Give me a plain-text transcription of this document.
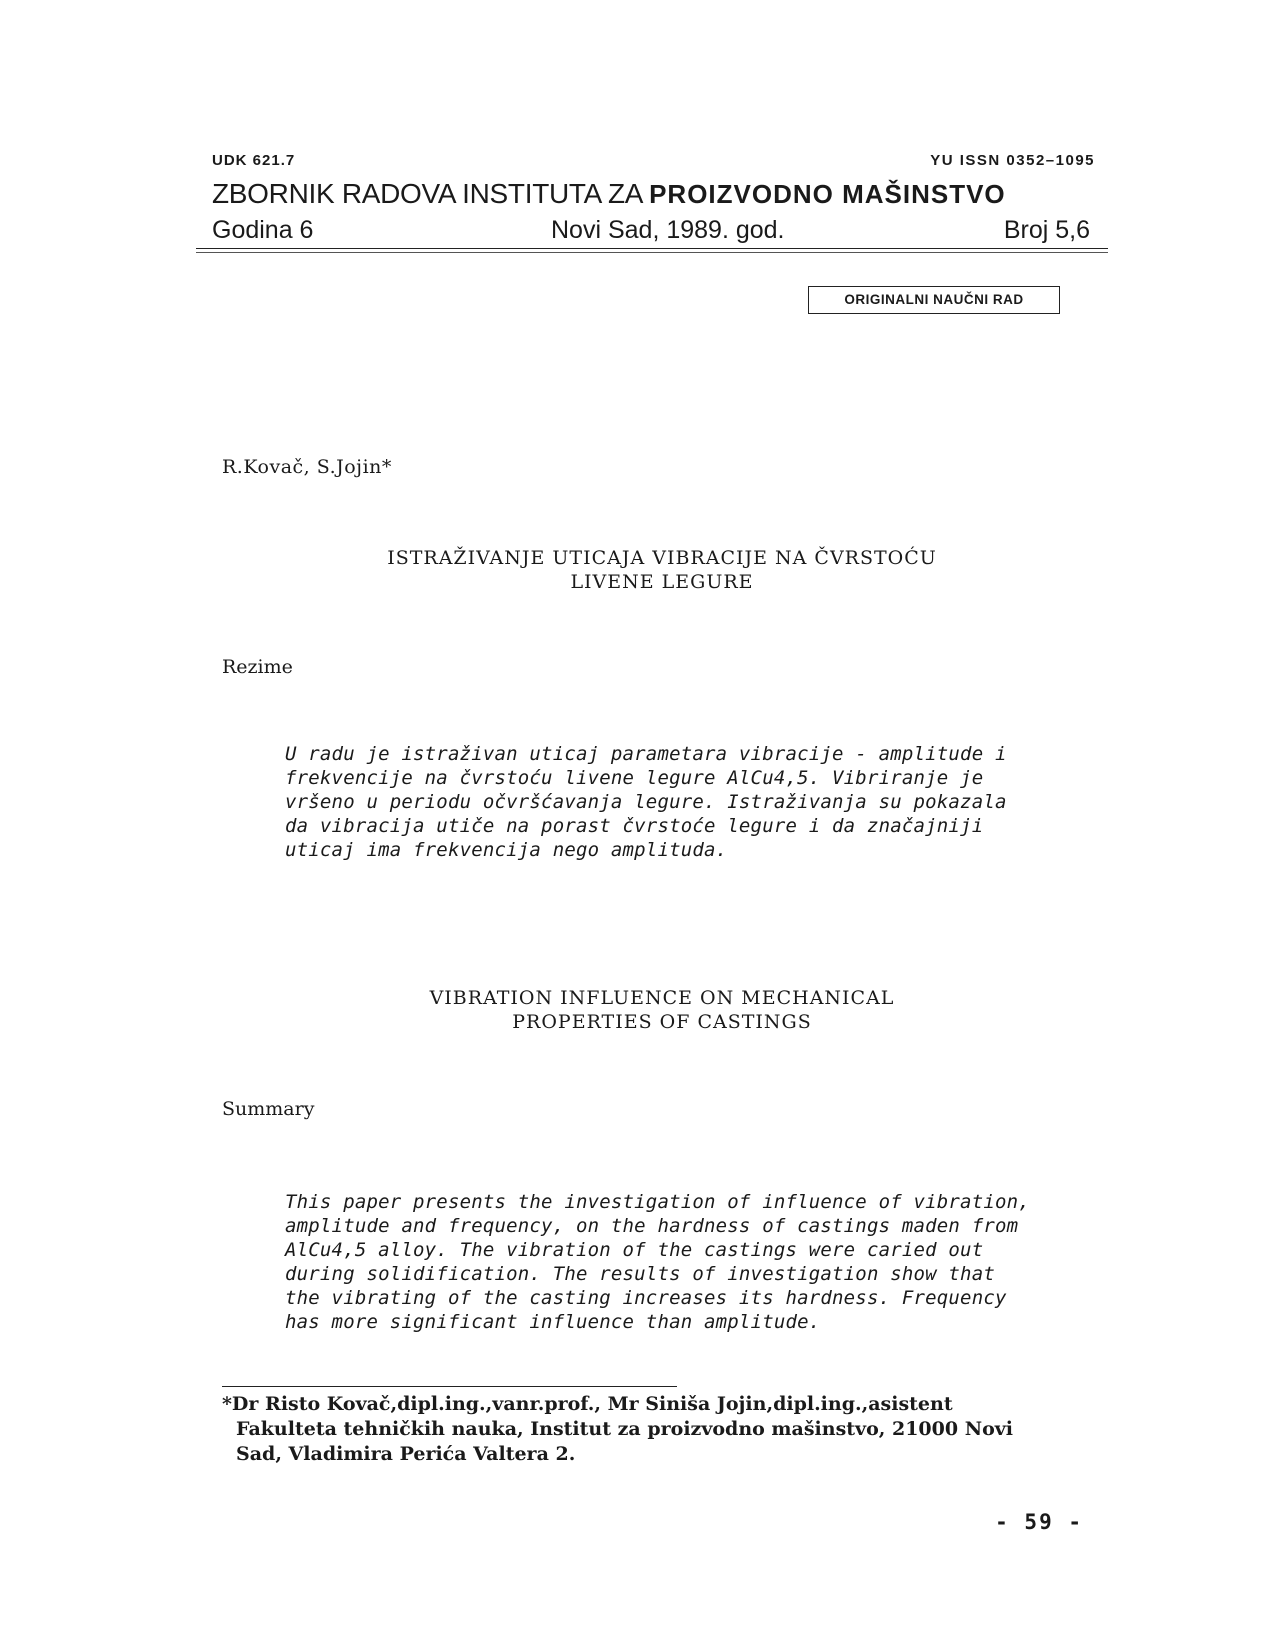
UDK 621.7	YU ISSN 0352–1095
ZBORNIK RADOVA INSTITUTA ZA PROIZVODNO MAŠINSTVO
Godina 6	Novi Sad, 1989. god.	Broj 5,6
ORIGINALNI NAUČNI RAD
R.Kovač, S.Jojin*
ISTRAŽIVANJE UTICAJA VIBRACIJE NA ČVRSTOĆU
LIVENE LEGURE
Rezime
U radu je istraživan uticaj parametara vibracije - amplitude i
frekvencije na čvrstoću livene legure AlCu4,5. Vibriranje je
vršeno u periodu očvršćavanja legure. Istraživanja su pokazala
da vibracija utiče na porast čvrstoće legure i da značajniji
uticaj ima frekvencija nego amplituda.
VIBRATION INFLUENCE ON MECHANICAL
PROPERTIES OF CASTINGS
Summary
This paper presents the investigation of influence of vibration,
amplitude and frequency, on the hardness of castings maden from
AlCu4,5 alloy. The vibration of the castings were caried out
during solidification. The results of investigation show that
the vibrating of the casting increases its hardness. Frequency
has more significant influence than amplitude.
*Dr Risto Kovač,dipl.ing.,vanr.prof., Mr Siniša Jojin,dipl.ing.,asistent
Fakulteta tehničkih nauka, Institut za proizvodno mašinstvo, 21000 Novi
Sad, Vladimira Perića Valtera 2.
- 59 -
